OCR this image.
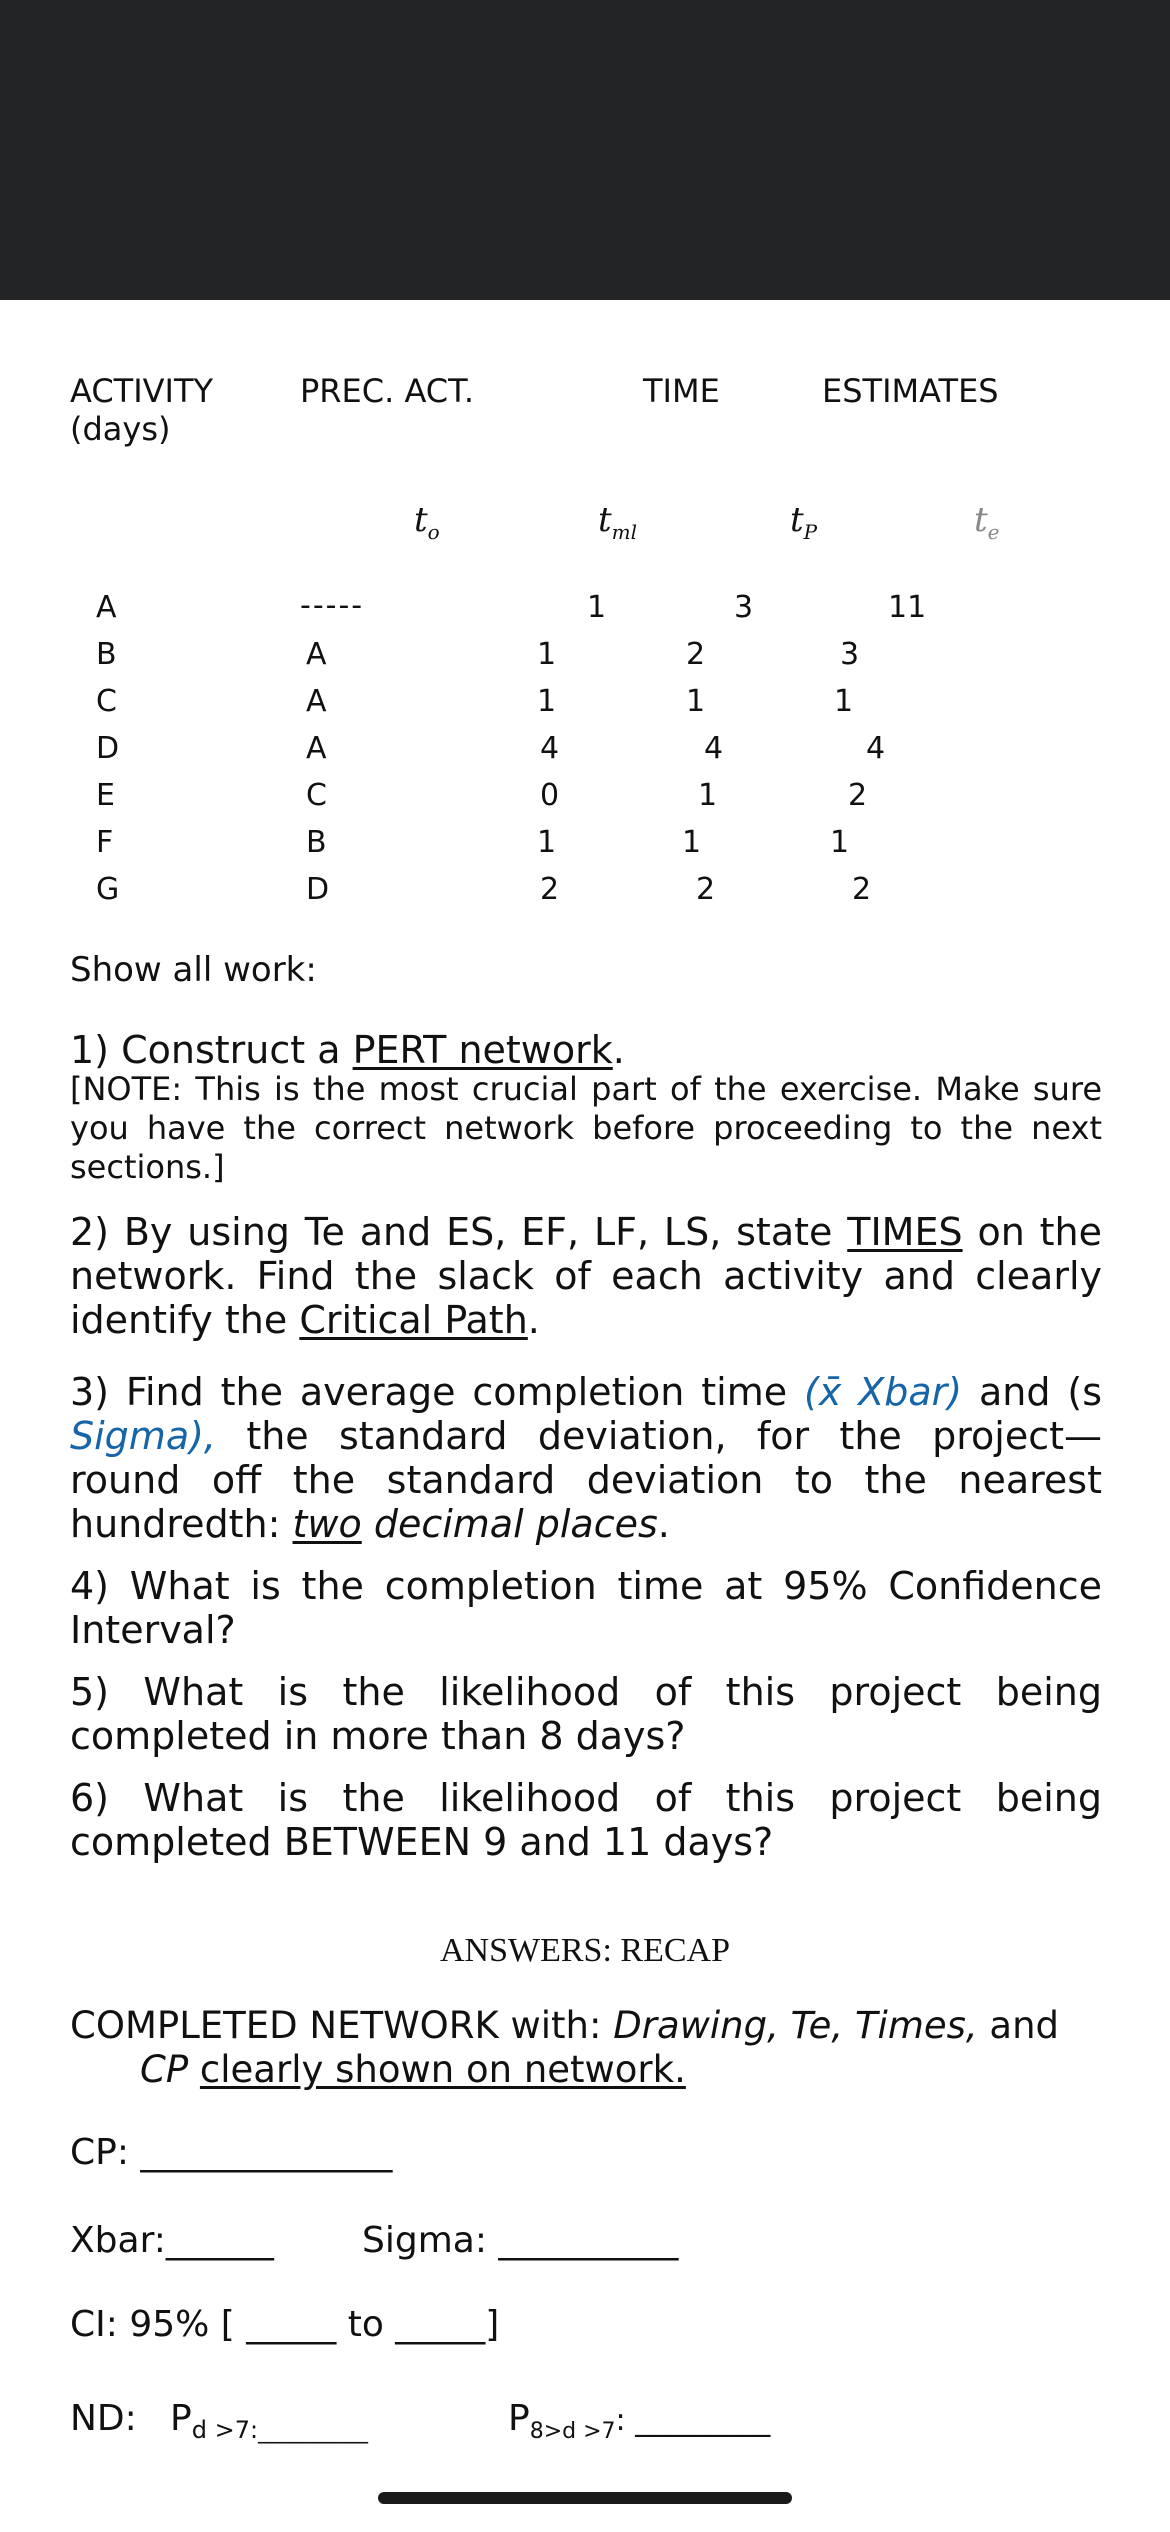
ACTIVITY
(days)
PREC. ACT.	TIME	ESTIMATES
$t_o$	$t_{ml}$	$t_P$	$t_e$
A	-----	1	3	11
B	A	1	2	3
C	A	1	1	1
D	A	4	4	4
E	C	0	1	2
F	B	1	1	1
G	D	2	2	2
Show all work:
1) Construct a PERT network.
[NOTE: This is the most crucial part of the exercise. Make sure you have the correct network before proceeding to the next sections.]
2) By using Te and ES, EF, LF, LS, state TIMES on the network. Find the slack of each activity and clearly identify the Critical Path.
3) Find the average completion time (x̄ Xbar) and (s Sigma), the standard deviation, for the project— round off the standard deviation to the nearest hundredth: two decimal places.
4) What is the completion time at 95% Confidence Interval?
5) What is the likelihood of this project being completed in more than 8 days?
6) What is the likelihood of this project being completed BETWEEN 9 and 11 days?
ANSWERS: RECAP
COMPLETED NETWORK with: Drawing, Te, Times, and
CP clearly shown on network.
CP: ______________
Xbar:______ Sigma: __________
CI: 95% [ _____ to _____]
ND: $P_{d >7:\_\_\_\_\_\_\_\_\_\_}$	$P_{8>d >7}$: _________
